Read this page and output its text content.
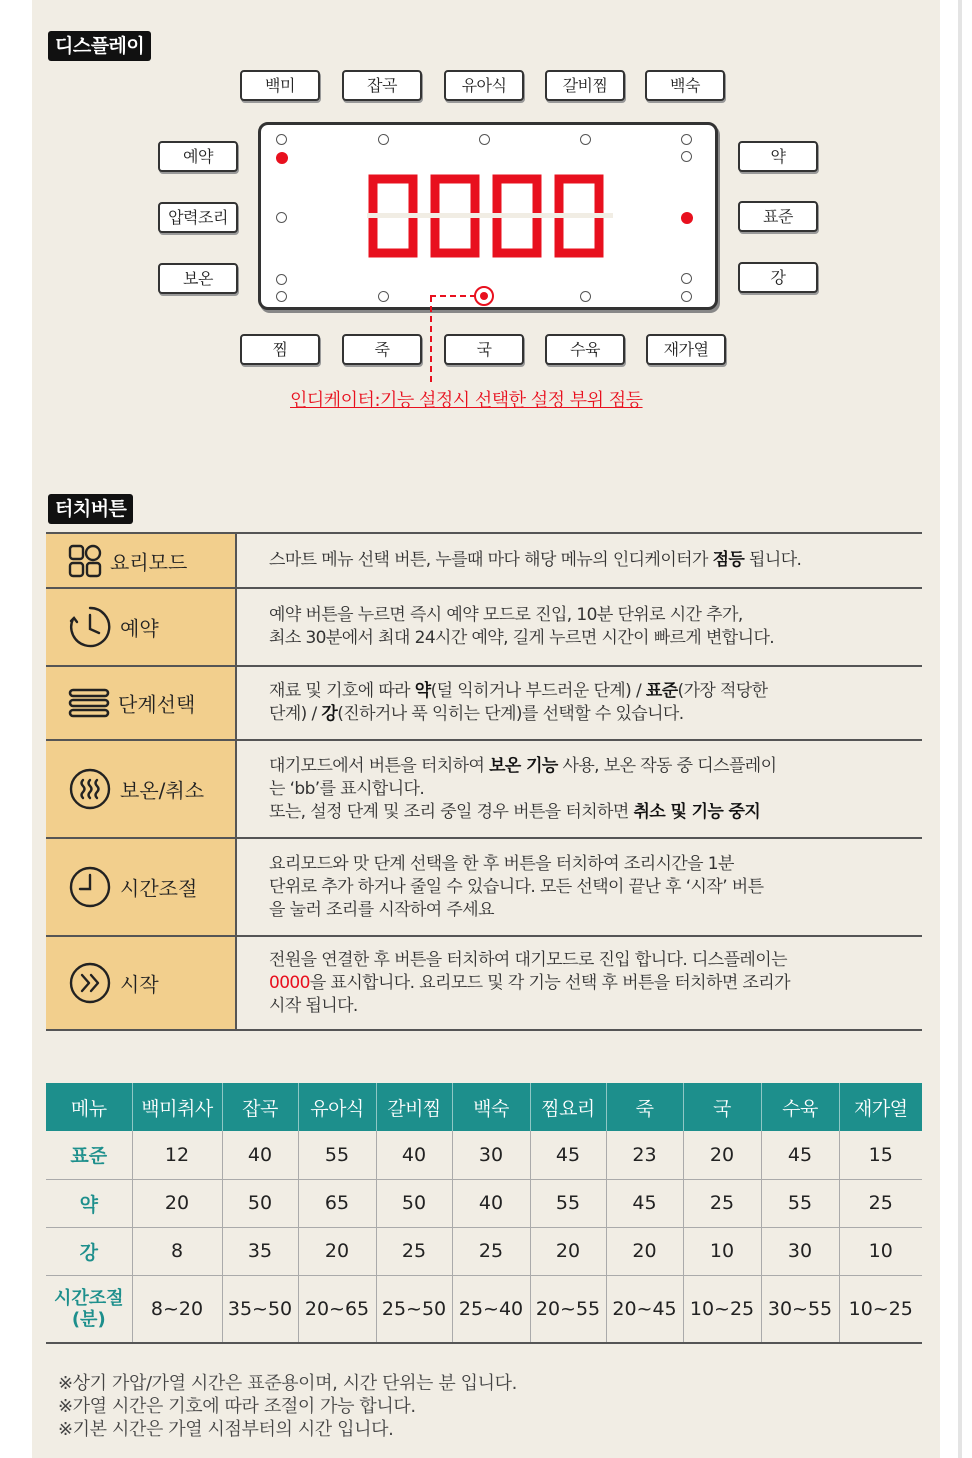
디스플레이
백미	잡곡	유아식	갈비찜	백숙
예약
압력조리
보온
약
표준
강
찜	죽	국	수육	재가열
인디케이터:기능 설정시 선택한 설정 부위 점등
터치버튼
요리모드	스마트 메뉴 선택 버튼, 누를때 마다 해당 메뉴의 인디케이터가 점등 됩니다.
예약	예약 버튼을 누르면 즉시 예약 모드로 진입, 10분 단위로 시간 추가,
최소 30분에서 최대 24시간 예약, 길게 누르면 시간이 빠르게 변합니다.

단계선택	재료 및 기호에 따라 약(덜 익히거나 부드러운 단계) / 표준(가장 적당한
단계) / 강(진하거나 푹 익히는 단계)를 선택할 수 있습니다.

보온/취소	대기모드에서 버튼을 터치하여 보온 기능 사용, 보온 작동 중 디스플레이
는 ‘bb’를 표시합니다.
또는, 설정 단계 및 조리 중일 경우 버튼을 터치하면 취소 및 기능 중지

시간조절	요리모드와 맛 단계 선택을 한 후 버튼을 터치하여 조리시간을 1분
단위로 추가 하거나 줄일 수 있습니다. 모든 선택이 끝난 후 ‘시작’ 버튼
을 눌러 조리를 시작하여 주세요

시작	전원을 연결한 후 버튼을 터치하여 대기모드로 진입 합니다. 디스플레이는
0000을 표시합니다. 요리모드 및 각 기능 선택 후 버튼을 터치하면 조리가
시작 됩니다.
메뉴	백미취사	잡곡	유아식	갈비찜	백숙	찜요리	죽	국	수육	재가열
표준	12	40	55	40	30	45	23	20	45	15
약	20	50	65	50	40	55	45	25	55	25
강	8	35	20	25	25	20	20	10	30	10

시간조절
(분)	8~20	35~50	20~65	25~50	25~40	20~55	20~45	10~25	30~55	10~25
※상기 가압/가열 시간은 표준용이며, 시간 단위는 분 입니다.
※가열 시간은 기호에 따라 조절이 가능 합니다.
※기본 시간은 가열 시점부터의 시간 입니다.
